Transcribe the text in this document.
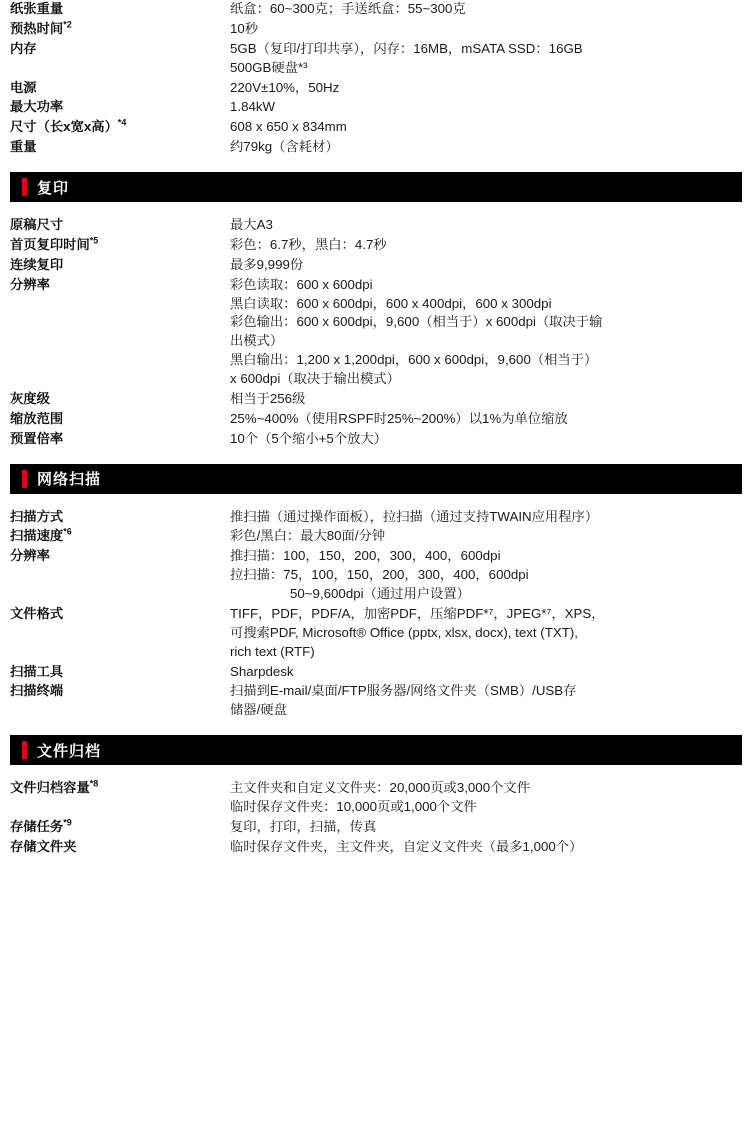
纸张重量	纸盒：60~300克；手送纸盒：55~300克

预热时间$^{*2}$	10秒

内存	5GB（复印/打印共享），闪存：16MB，mSATA SSD：16GB
500GB硬盘*³

电源	220V±10%，50Hz

最大功率	1.84kW

尺寸（长x宽x高）$^{*4}$	608 x 650 x 834mm

重量	约79kg（含耗材）
复印
原稿尺寸	最大A3

首页复印时间$^{*5}$	彩色：6.7秒，黑白：4.7秒

连续复印	最多9,999份

分辨率	彩色读取：600 x 600dpi
黑白读取：600 x 600dpi，600 x 400dpi，600 x 300dpi
彩色输出：600 x 600dpi，9,600（相当于）x 600dpi（取决于输
出模式）
黑白输出：1,200 x 1,200dpi，600 x 600dpi，9,600（相当于）
x 600dpi（取决于输出模式）

灰度级	相当于256级

缩放范围	25%~400%（使用RSPF时25%~200%）以1%为单位缩放

预置倍率	10个（5个缩小+5个放大）
网络扫描
扫描方式	推扫描（通过操作面板），拉扫描（通过支持TWAIN应用程序）

扫描速度$^{*6}$	彩色/黑白：最大80面/分钟

分辨率	推扫描：100，150，200，300，400，600dpi
拉扫描：75，100，150，200，300，400，600dpi
50~9,600dpi（通过用户设置）

文件格式	TIFF，PDF，PDF/A，加密PDF，压缩PDF*⁷，JPEG*⁷，XPS，
可搜索PDF, Microsoft® Office (pptx, xlsx, docx), text (TXT),
rich text (RTF)

扫描工具	Sharpdesk

扫描终端	扫描到E-mail/桌面/FTP服务器/网络文件夹（SMB）/USB存
储器/硬盘
文件归档
文件归档容量$^{*8}$	主文件夹和自定义文件夹：20,000页或3,000个文件
临时保存文件夹：10,000页或1,000个文件

存储任务$^{*9}$	复印，打印，扫描，传真

存储文件夹	临时保存文件夹，主文件夹，自定义文件夹（最多1,000个）
